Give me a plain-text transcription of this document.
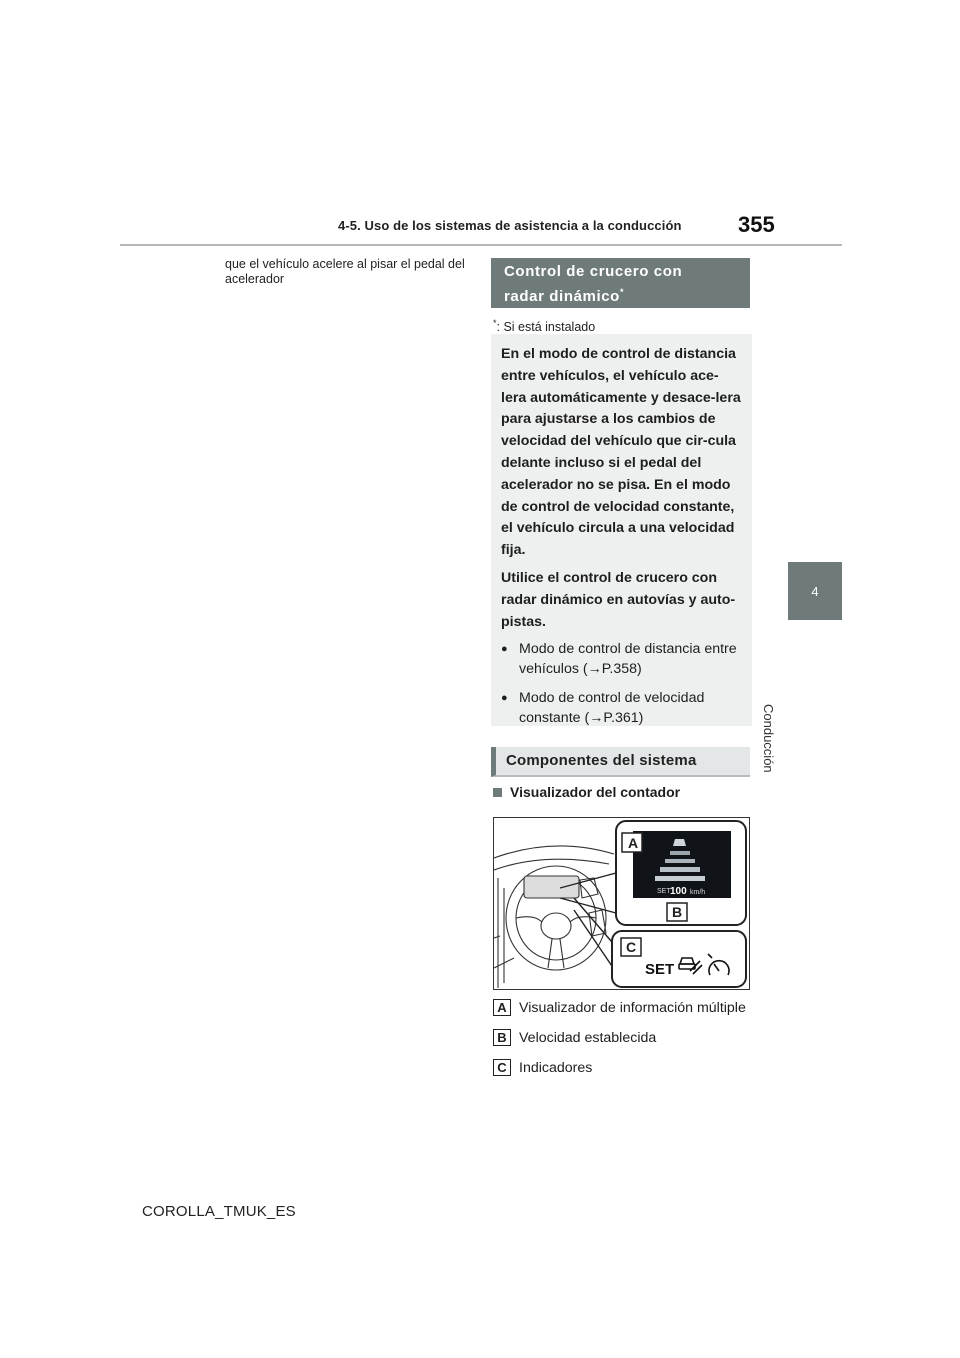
4-5. Uso de los sistemas de asistencia a la conducción	355
4
Conducción
que el vehículo acelere al pisar el pedal del acelerador	Control de crucero con
radar dinámico*
*: Si está instalado

En el modo de control de distancia entre vehículos, el vehículo ace-lera automáticamente y desace-lera para ajustarse a los cambios de velocidad del vehículo que cir-cula delante incluso si el pedal del acelerador no se pisa. En el modo de control de velocidad constante, el vehículo circula a una velocidad fija.

Utilice el control de crucero con radar dinámico en autovías y auto-pistas.

● Modo de control de distancia entre vehículos (→P.358)
● Modo de control de velocidad constante (→P.361)
Componentes del sistema
Visualizador del contador
SET 100 km/h
A
B
C
SET
A Visualizador de información múltiple
B Velocidad establecida
C Indicadores
COROLLA_TMUK_ES
